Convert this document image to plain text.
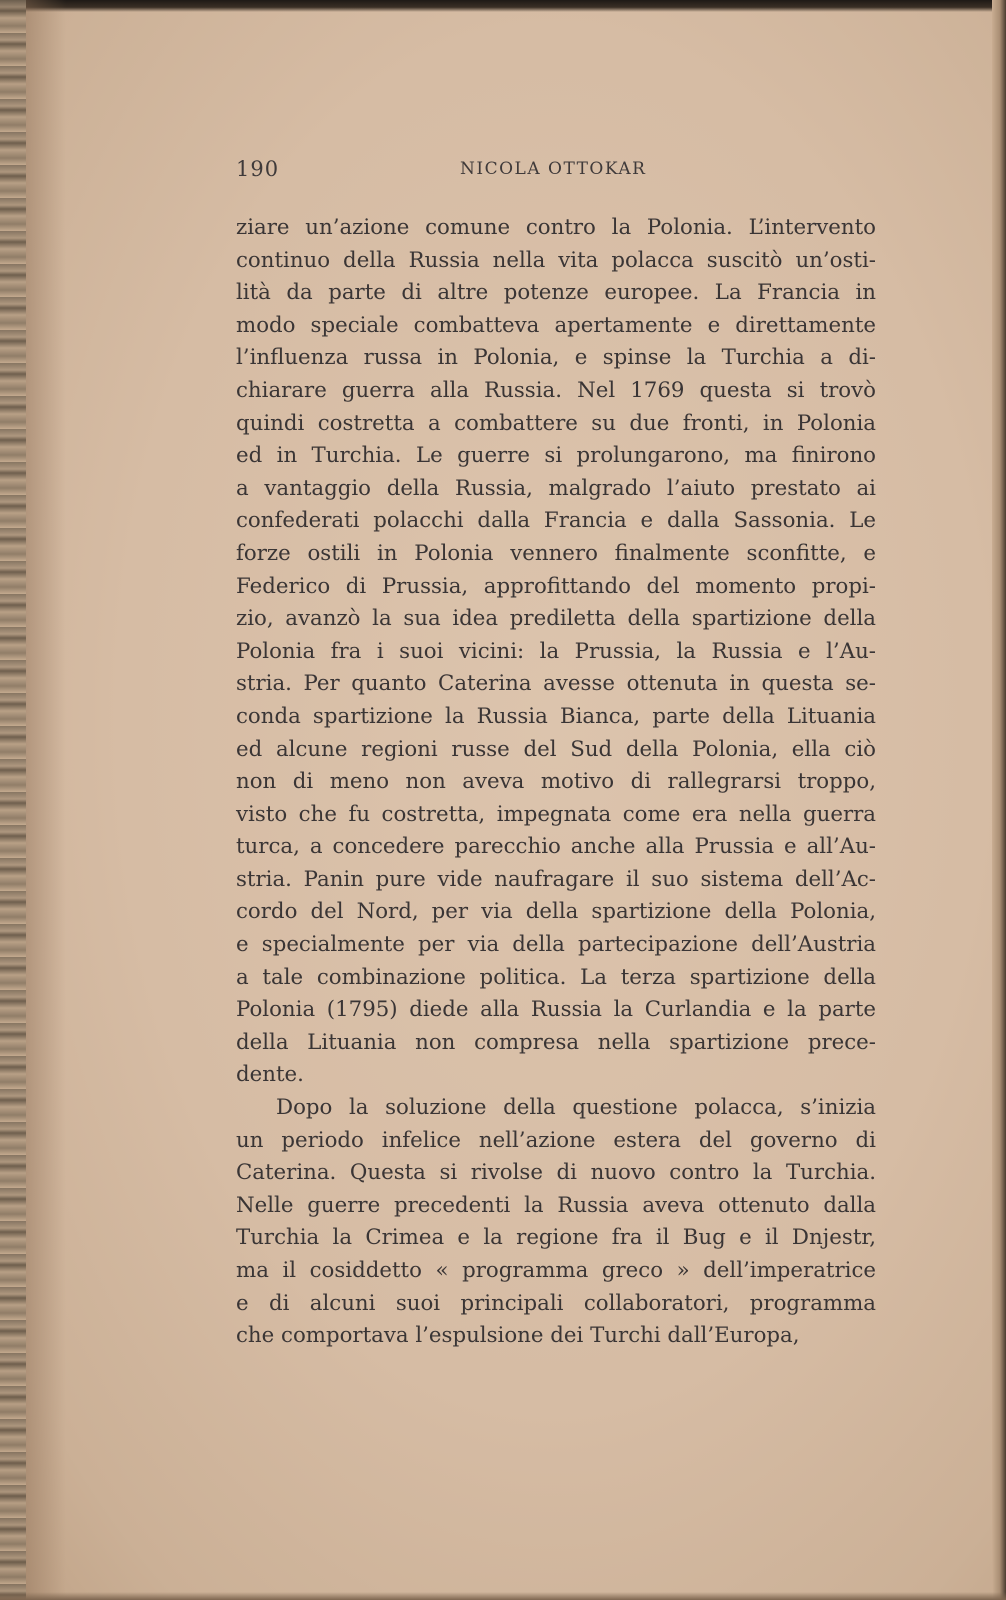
190	NICOLA OTTOKAR
ziare un’azione comune contro la Polonia. L’intervento
continuo della Russia nella vita polacca suscitò un’osti-
lità da parte di altre potenze europee. La Francia in
modo speciale combatteva apertamente e direttamente
l’influenza russa in Polonia, e spinse la Turchia a di-
chiarare guerra alla Russia. Nel 1769 questa si trovò
quindi costretta a combattere su due fronti, in Polonia
ed in Turchia. Le guerre si prolungarono, ma finirono
a vantaggio della Russia, malgrado l’aiuto prestato ai
confederati polacchi dalla Francia e dalla Sassonia. Le
forze ostili in Polonia vennero finalmente sconfitte, e
Federico di Prussia, approfittando del momento propi-
zio, avanzò la sua idea prediletta della spartizione della
Polonia fra i suoi vicini: la Prussia, la Russia e l’Au-
stria. Per quanto Caterina avesse ottenuta in questa se-
conda spartizione la Russia Bianca, parte della Lituania
ed alcune regioni russe del Sud della Polonia, ella ciò
non di meno non aveva motivo di rallegrarsi troppo,
visto che fu costretta, impegnata come era nella guerra
turca, a concedere parecchio anche alla Prussia e all’Au-
stria. Panin pure vide naufragare il suo sistema dell’Ac-
cordo del Nord, per via della spartizione della Polonia,
e specialmente per via della partecipazione dell’Austria
a tale combinazione politica. La terza spartizione della
Polonia (1795) diede alla Russia la Curlandia e la parte
della Lituania non compresa nella spartizione prece-
dente.
Dopo la soluzione della questione polacca, s’inizia
un periodo infelice nell’azione estera del governo di
Caterina. Questa si rivolse di nuovo contro la Turchia.
Nelle guerre precedenti la Russia aveva ottenuto dalla
Turchia la Crimea e la regione fra il Bug e il Dnjestr,
ma il cosiddetto « programma greco » dell’imperatrice
e di alcuni suoi principali collaboratori, programma
che comportava l’espulsione dei Turchi dall’Europa,
